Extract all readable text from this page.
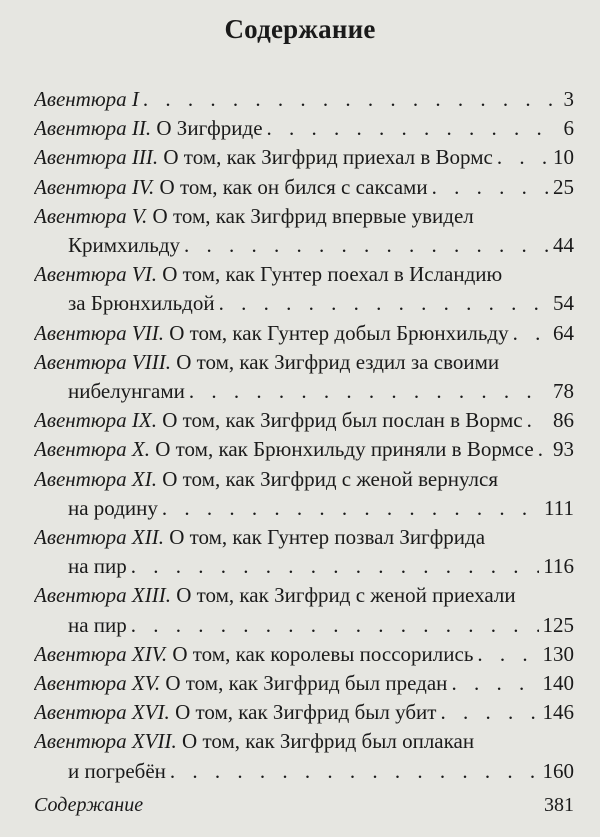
Содержание
Авентюра I . . .	3
Авентюра II. О Зигфриде . . .	6
Авентюра III. О том, как Зигфрид приехал в Вормс . . .	10
Авентюра IV. О том, как он бился с саксами . . .	25
Авентюра V. О том, как Зигфрид впервые увидел
Кримхильду . . .	44
Авентюра VI. О том, как Гунтер поехал в Исландию
за Брюнхильдой . . .	54
Авентюра VII. О том, как Гунтер добыл Брюнхильду . . . 64
Авентюра VIII. О том, как Зигфрид ездил за своими
нибелунгами . . .	78
Авентюра IX. О том, как Зигфрид был послан в Вормс . . . 86
Авентюра X. О том, как Брюнхильду приняли в Вормсе . . . 93
Авентюра XI. О том, как Зигфрид с женой вернулся
на родину . . .	111
Авентюра XII. О том, как Гунтер позвал Зигфрида
на пир . . .	116
Авентюра XIII. О том, как Зигфрид с женой приехали
на пир . . .	125
Авентюра XIV. О том, как королевы поссорились . . .	130
Авентюра XV. О том, как Зигфрид был предан . . .	140
Авентюра XVI. О том, как Зигфрид был убит . . .	146
Авентюра XVII. О том, как Зигфрид был оплакан
и погребён . . .	160
Содержание	381
